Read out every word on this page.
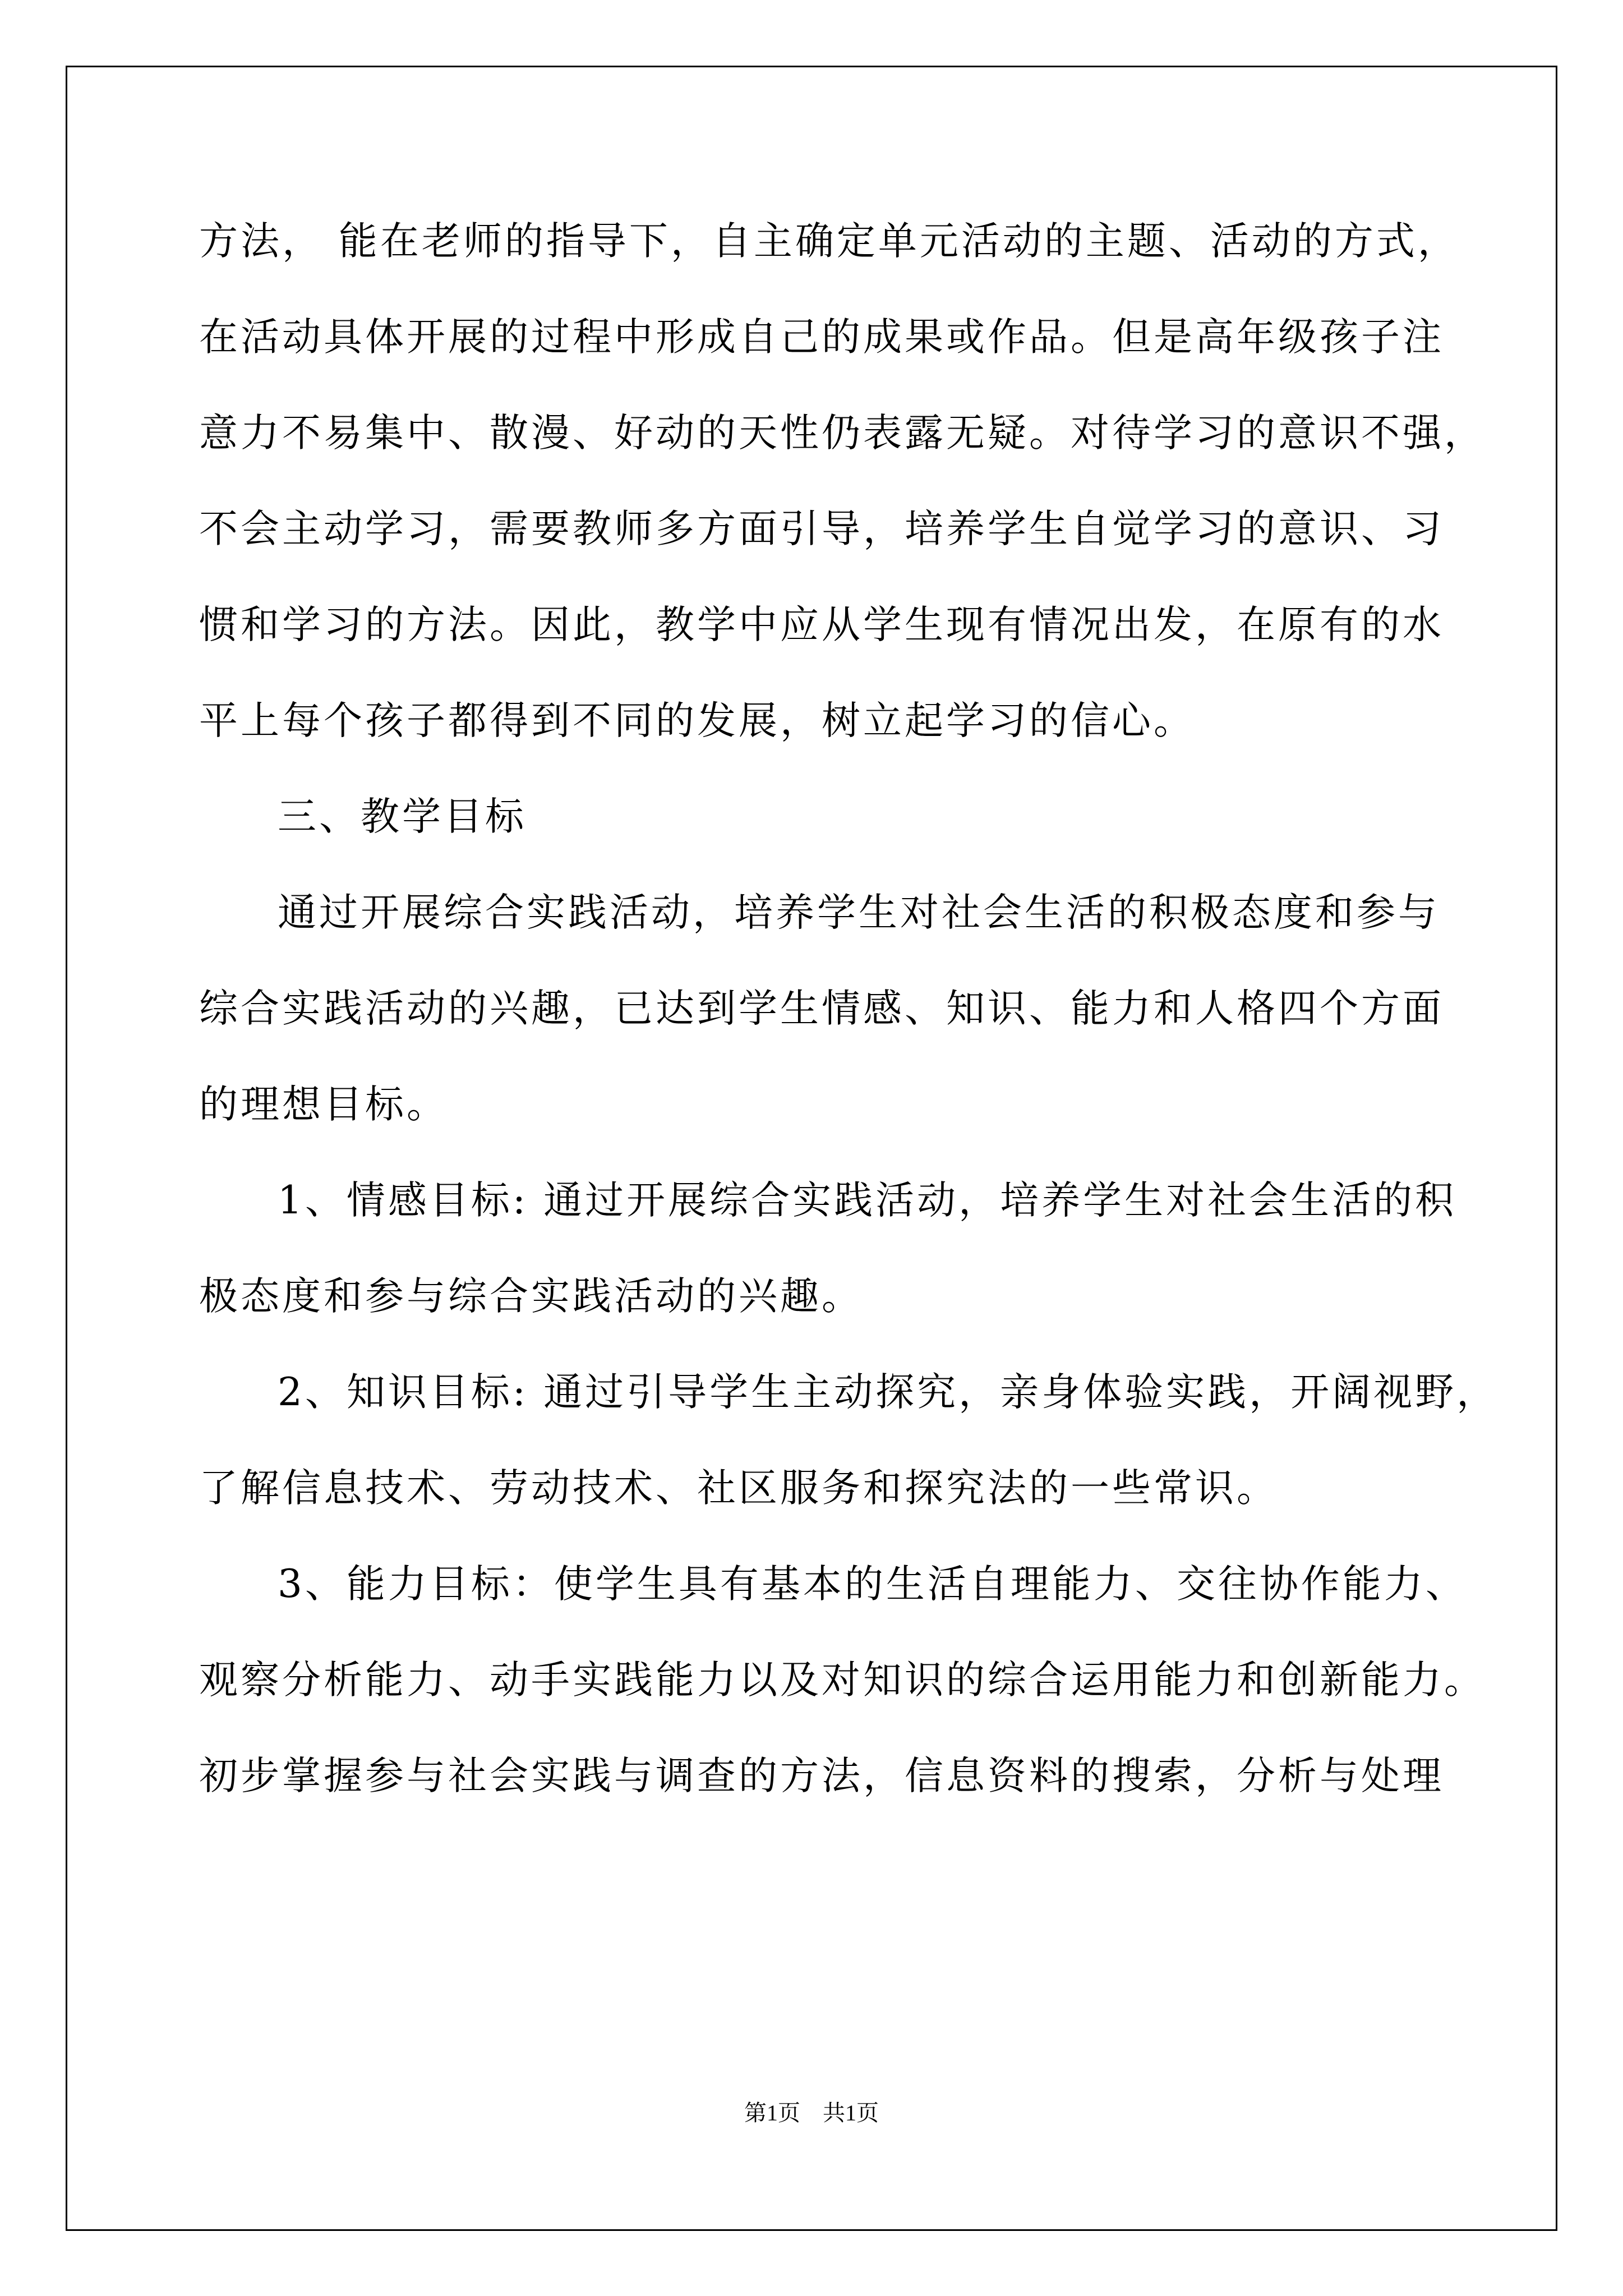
方法， 能在老师的指导下，自主确定单元活动的主题、活动的方式，
在活动具体开展的过程中形成自己的成果或作品。但是高年级孩子注
意力不易集中、散漫、好动的天性仍表露无疑。对待学习的意识不强，
不会主动学习，需要教师多方面引导，培养学生自觉学习的意识、习
惯和学习的方法。因此，教学中应从学生现有情况出发，在原有的水
平上每个孩子都得到不同的发展，树立起学习的信心。
三、教学目标
通过开展综合实践活动，培养学生对社会生活的积极态度和参与
综合实践活动的兴趣，已达到学生情感、知识、能力和人格四个方面
的理想目标。
1、情感目标: 通过开展综合实践活动，培养学生对社会生活的积
极态度和参与综合实践活动的兴趣。
2、知识目标: 通过引导学生主动探究，亲身体验实践，开阔视野，
了解信息技术、劳动技术、社区服务和探究法的一些常识。
3、能力目标：使学生具有基本的生活自理能力、交往协作能力、
观察分析能力、动手实践能力以及对知识的综合运用能力和创新能力。
初步掌握参与社会实践与调查的方法，信息资料的搜索，分析与处理
第1页 共1页
